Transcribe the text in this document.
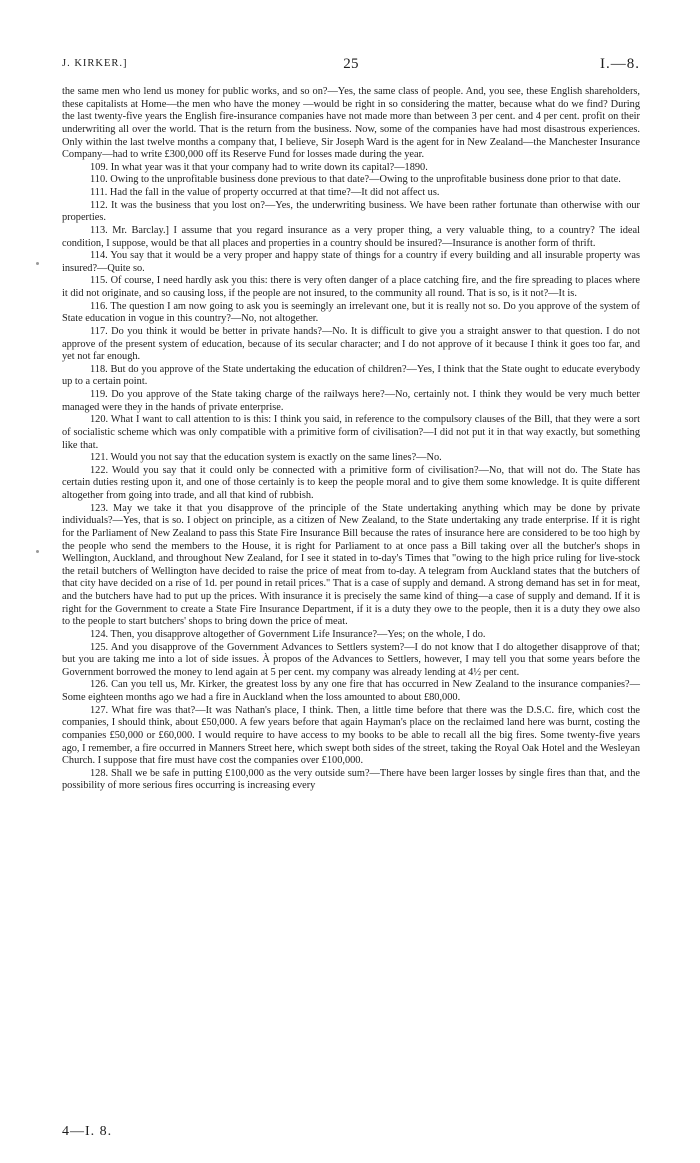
J. KIRKER.]	25	I.—8.

the same men who lend us money for public works, and so on?—Yes, the same class of people. And, you see, these English shareholders, these capitalists at Home—the men who have the money —would be right in so considering the matter, because what do we find? During the last twenty-five years the English fire-insurance companies have not made more than between 3 per cent. and 4 per cent. profit on their underwriting all over the world. That is the return from the business. Now, some of the companies have had most disastrous experiences. Only within the last twelve months a company that, I believe, Sir Joseph Ward is the agent for in New Zealand—the Manchester Insurance Company—had to write £300,000 off its Reserve Fund for losses made during the year.

109. In what year was it that your company had to write down its capital?—1890.

110. Owing to the unprofitable business done previous to that date?—Owing to the unprofitable business done prior to that date.

111. Had the fall in the value of property occurred at that time?—It did not affect us.

112. It was the business that you lost on?—Yes, the underwriting business. We have been rather fortunate than otherwise with our properties.

113. Mr. Barclay.] I assume that you regard insurance as a very proper thing, a very valuable thing, to a country? The ideal condition, I suppose, would be that all places and properties in a country should be insured?—Insurance is another form of thrift.

114. You say that it would be a very proper and happy state of things for a country if every building and all insurable property was insured?—Quite so.

115. Of course, I need hardly ask you this: there is very often danger of a place catching fire, and the fire spreading to places where it did not originate, and so causing loss, if the people are not insured, to the community all round. That is so, is it not?—It is.

116. The question I am now going to ask you is seemingly an irrelevant one, but it is really not so. Do you approve of the system of State education in vogue in this country?—No, not altogether.

117. Do you think it would be better in private hands?—No. It is difficult to give you a straight answer to that question. I do not approve of the present system of education, because of its secular character; and I do not approve of it because I think it goes too far, and yet not far enough.

118. But do you approve of the State undertaking the education of children?—Yes, I think that the State ought to educate everybody up to a certain point.

119. Do you approve of the State taking charge of the railways here?—No, certainly not. I think they would be very much better managed were they in the hands of private enterprise.

120. What I want to call attention to is this: I think you said, in reference to the compulsory clauses of the Bill, that they were a sort of socialistic scheme which was only compatible with a primitive form of civilisation?—I did not put it in that way exactly, but something like that.

121. Would you not say that the education system is exactly on the same lines?—No.

122. Would you say that it could only be connected with a primitive form of civilisation?—No, that will not do. The State has certain duties resting upon it, and one of those certainly is to keep the people moral and to give them some knowledge. It is quite different altogether from going into trade, and all that kind of rubbish.

123. May we take it that you disapprove of the principle of the State undertaking anything which may be done by private individuals?—Yes, that is so. I object on principle, as a citizen of New Zealand, to the State undertaking any trade enterprise. If it is right for the Parliament of New Zealand to pass this State Fire Insurance Bill because the rates of insurance here are considered to be too high by the people who send the members to the House, it is right for Parliament to at once pass a Bill taking over all the butcher's shops in Wellington, Auckland, and throughout New Zealand, for I see it stated in to-day's Times that "owing to the high price ruling for live-stock the retail butchers of Wellington have decided to raise the price of meat from to-day. A telegram from Auckland states that the butchers of that city have decided on a rise of 1d. per pound in retail prices." That is a case of supply and demand. A strong demand has set in for meat, and the butchers have had to put up the prices. With insurance it is precisely the same kind of thing—a case of supply and demand. If it is right for the Government to create a State Fire Insurance Department, if it is a duty they owe to the people, then it is a duty they owe also to the people to start butchers' shops to bring down the price of meat.

124. Then, you disapprove altogether of Government Life Insurance?—Yes; on the whole, I do.

125. And you disapprove of the Government Advances to Settlers system?—I do not know that I do altogether disapprove of that; but you are taking me into a lot of side issues. À propos of the Advances to Settlers, however, I may tell you that some years before the Government borrowed the money to lend again at 5 per cent. my company was already lending at 4½ per cent.

126. Can you tell us, Mr. Kirker, the greatest loss by any one fire that has occurred in New Zealand to the insurance companies?—Some eighteen months ago we had a fire in Auckland when the loss amounted to about £80,000.

127. What fire was that?—It was Nathan's place, I think. Then, a little time before that there was the D.S.C. fire, which cost the companies, I should think, about £50,000. A few years before that again Hayman's place on the reclaimed land here was burnt, costing the companies £50,000 or £60,000. I would require to have access to my books to be able to recall all the big fires. Some twenty-five years ago, I remember, a fire occurred in Manners Street here, which swept both sides of the street, taking the Royal Oak Hotel and the Wesleyan Church. I suppose that fire must have cost the companies over £100,000.

128. Shall we be safe in putting £100,000 as the very outside sum?—There have been larger losses by single fires than that, and the possibility of more serious fires occurring is increasing every

4—I. 8.
